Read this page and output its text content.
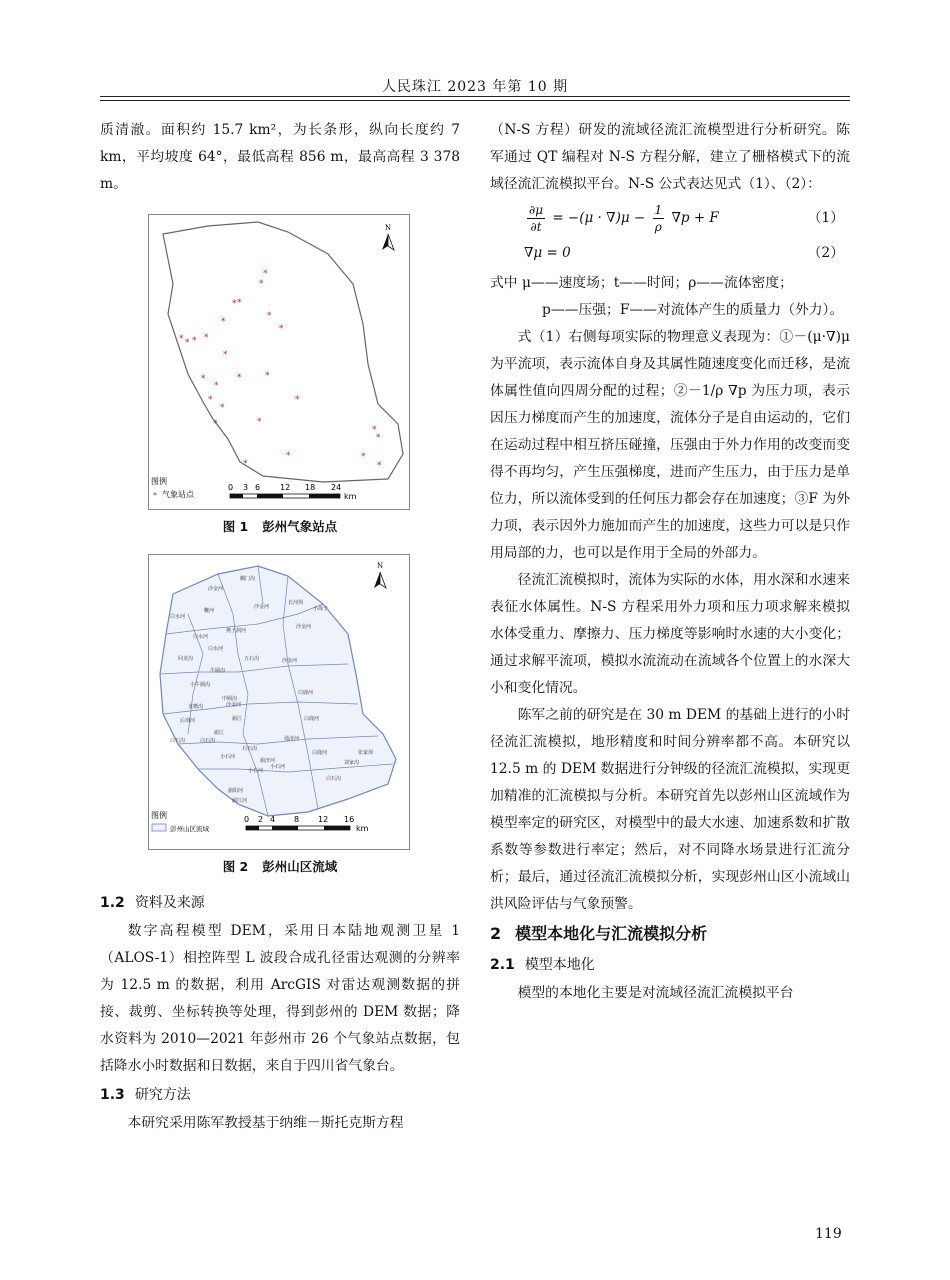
人民珠江 2023 年第 10 期

质清澈。面积约 15.7 km²，为长条形，纵向长度约 7 km，平均坡度 64°，最低高程 856 m，最高高程 3 378 m。

N
*
*
* *
*
*
*
* * * *
*
*	*	*
*
*
*
*
*	*
*
*
*	*
*	*
图例
* 气象站点
0 3 6 12 18 24
km
图 1 彭州气象站点
棚门沟
沙金河
长河坝
小海子
白水河
鞭河
沙金河
白水河
燕子洞河
沙金河
白水河
回龙沟	五石沟	沙金河
牛圈沟
小牛圈沟
中圈沟
白鹿河
龙槽沟	沙金河
后坝河	湔江	白鹿河
白石沟
白石沟
湔江
通济河
小石河
石石沟
白鹿河
湔济河	刘家沟
小石河
小石河
白石沟
湔阳河
湔江河
张家坝
N
图例
彭州山区流域
0 2 4 8 12 16
km
图 2 彭州山区流域
1.2 资料及来源

数字高程模型 DEM，采用日本陆地观测卫星 1（ALOS-1）相控阵型 L 波段合成孔径雷达观测的分辨率为 12.5 m 的数据，利用 ArcGIS 对雷达观测数据的拼接、裁剪、坐标转换等处理，得到彭州的 DEM 数据；降水资料为 2010—2021 年彭州市 26 个气象站点数据，包括降水小时数据和日数据，来自于四川省气象台。

1.3 研究方法

本研究采用陈军教授基于纳维－斯托克斯方程

（N-S 方程）研发的流域径流汇流模型进行分析研究。陈军通过 QT 编程对 N-S 方程分解，建立了栅格模式下的流域径流汇流模拟平台。N-S 公式表达见式（1）、（2）：

$\frac{\partial\mu}{\partial t} = -(\mu \cdot \nabla)\mu - \frac{1}{\rho} \nabla p + F$	（1）
∇μ = 0	（2）
式中 μ——速度场；t——时间；ρ——流体密度；
p——压强；F——对流体产生的质量力（外力）。

式（1）右侧每项实际的物理意义表现为：①－(μ·∇)μ 为平流项，表示流体自身及其属性随速度变化而迁移，是流体属性值向四周分配的过程；②－1/ρ ∇p 为压力项，表示因压力梯度而产生的加速度，流体分子是自由运动的，它们在运动过程中相互挤压碰撞，压强由于外力作用的改变而变得不再均匀，产生压强梯度，进而产生压力，由于压力是单位力，所以流体受到的任何压力都会存在加速度；③F 为外力项，表示因外力施加而产生的加速度，这些力可以是只作用局部的力，也可以是作用于全局的外部力。

径流汇流模拟时，流体为实际的水体，用水深和水速来表征水体属性。N-S 方程采用外力项和压力项求解来模拟水体受重力、摩擦力、压力梯度等影响时水速的大小变化；通过求解平流项，模拟水流流动在流域各个位置上的水深大小和变化情况。

陈军之前的研究是在 30 m DEM 的基础上进行的小时径流汇流模拟，地形精度和时间分辨率都不高。本研究以 12.5 m 的 DEM 数据进行分钟级的径流汇流模拟，实现更加精准的汇流模拟与分析。本研究首先以彭州山区流域作为模型率定的研究区，对模型中的最大水速、加速系数和扩散系数等参数进行率定；然后，对不同降水场景进行汇流分析；最后，通过径流汇流模拟分析，实现彭州山区小流域山洪风险评估与气象预警。

2 模型本地化与汇流模拟分析
2.1 模型本地化

模型的本地化主要是对流域径流汇流模拟平台

119
